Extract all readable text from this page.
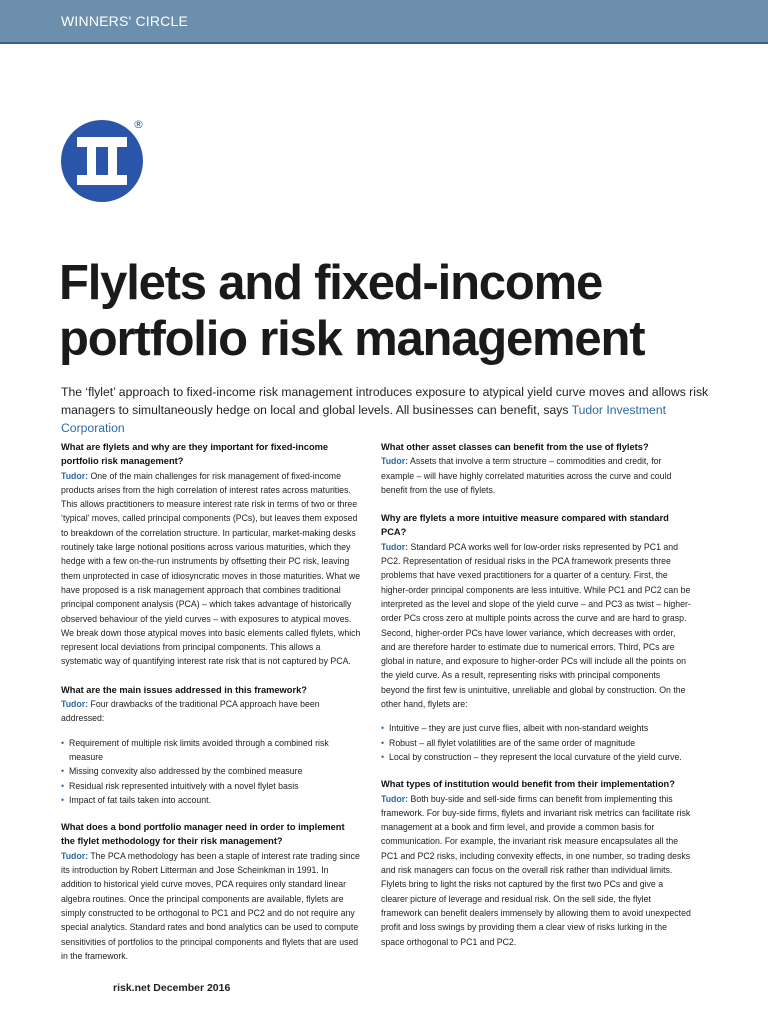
WINNERS' CIRCLE
®
Flylets and fixed-income
portfolio risk management

The ‘flylet’ approach to fixed-income risk management introduces exposure to atypical yield curve moves and allows risk managers to simultaneously hedge on local and global levels. All businesses can benefit, says Tudor Investment Corporation

What are flylets and why are they important for fixed-income portfolio risk management?

Tudor: One of the main challenges for risk management of fixed-income products arises from the high correlation of interest rates across maturities. This allows practitioners to measure interest rate risk in terms of two or three ‘typical’ moves, called principal components (PCs), but leaves them exposed to breakdown of the correlation structure. In particular, market-making desks routinely take large notional positions across various maturities, which they hedge with a few on-the-run instruments by offsetting their PC risk, leaving them unprotected in case of idiosyncratic moves in those maturities. What we have proposed is a risk management approach that combines traditional principal component analysis (PCA) – which takes advantage of historically observed behaviour of the yield curves – with exposures to atypical moves. We break down those atypical moves into basic elements called flylets, which represent local deviations from principal components. This allows a systematic way of quantifying interest rate risk that is not captured by PCA.

What are the main issues addressed in this framework?

Tudor: Four drawbacks of the traditional PCA approach have been addressed:

• Requirement of multiple risk limits avoided through a combined risk measure
• Missing convexity also addressed by the combined measure
• Residual risk represented intuitively with a novel flylet basis
• Impact of fat tails taken into account.

What does a bond portfolio manager need in order to implement the flylet methodology for their risk management?

Tudor: The PCA methodology has been a staple of interest rate trading since its introduction by Robert Litterman and Jose Scheinkman in 1991. In addition to historical yield curve moves, PCA requires only standard linear algebra routines. Once the principal components are available, flylets are simply constructed to be orthogonal to PC1 and PC2 and do not require any special analytics. Standard rates and bond analytics can be used to compute sensitivities of portfolios to the principal components and flylets that are used in the framework.

What other asset classes can benefit from the use of flylets?

Tudor: Assets that involve a term structure – commodities and credit, for example – will have highly correlated maturities across the curve and could benefit from the use of flylets.

Why are flylets a more intuitive measure compared with standard PCA?

Tudor: Standard PCA works well for low-order risks represented by PC1 and PC2. Representation of residual risks in the PCA framework presents three problems that have vexed practitioners for a quarter of a century. First, the higher-order principal components are less intuitive. While PC1 and PC2 can be interpreted as the level and slope of the yield curve – and PC3 as twist – higher-order PCs cross zero at multiple points across the curve and are hard to grasp. Second, higher-order PCs have lower variance, which decreases with order, and are therefore harder to estimate due to numerical errors. Third, PCs are global in nature, and exposure to higher-order PCs will include all the points on the yield curve. As a result, representing risks with principal components beyond the first few is unintuitive, unreliable and global by construction. On the other hand, flylets are:

• Intuitive – they are just curve flies, albeit with non-standard weights
• Robust – all flylet volatilities are of the same order of magnitude
• Local by construction – they represent the local curvature of the yield curve.

What types of institution would benefit from their implementation?

Tudor: Both buy-side and sell-side firms can benefit from implementing this framework. For buy-side firms, flylets and invariant risk metrics can facilitate risk management at a book and firm level, and provide a common basis for communication. For example, the invariant risk measure encapsulates all the PC1 and PC2 risks, including convexity effects, in one number, so trading desks and risk managers can focus on the overall risk rather than individual limits. Flylets bring to light the risks not captured by the first two PCs and give a clearer picture of leverage and residual risk. On the sell side, the flylet framework can benefit dealers immensely by allowing them to avoid unexpected profit and loss swings by providing them a clear view of risks lurking in the space orthogonal to PC1 and PC2.

risk.net December 2016
